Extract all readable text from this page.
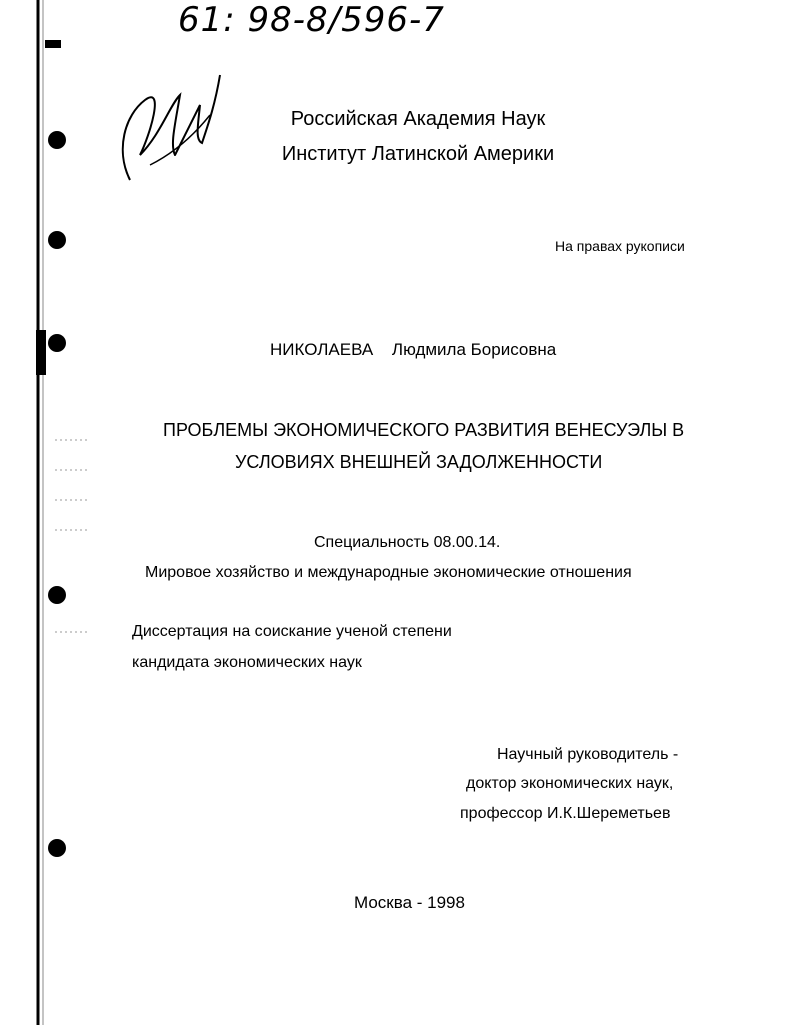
61: 98-8/596-7
Российская Академия Наук
Институт Латинской Америки
На правах рукописи
НИКОЛАЕВА Людмила Борисовна
ПРОБЛЕМЫ ЭКОНОМИЧЕСКОГО РАЗВИТИЯ ВЕНЕСУЭЛЫ В
УСЛОВИЯХ ВНЕШНЕЙ ЗАДОЛЖЕННОСТИ
Специальность 08.00.14.
Мировое хозяйство и международные экономические отношения
Диссертация на соискание ученой степени
кандидата экономических наук
Научный руководитель -
доктор экономических наук,
профессор И.К.Шереметьев
Москва - 1998
